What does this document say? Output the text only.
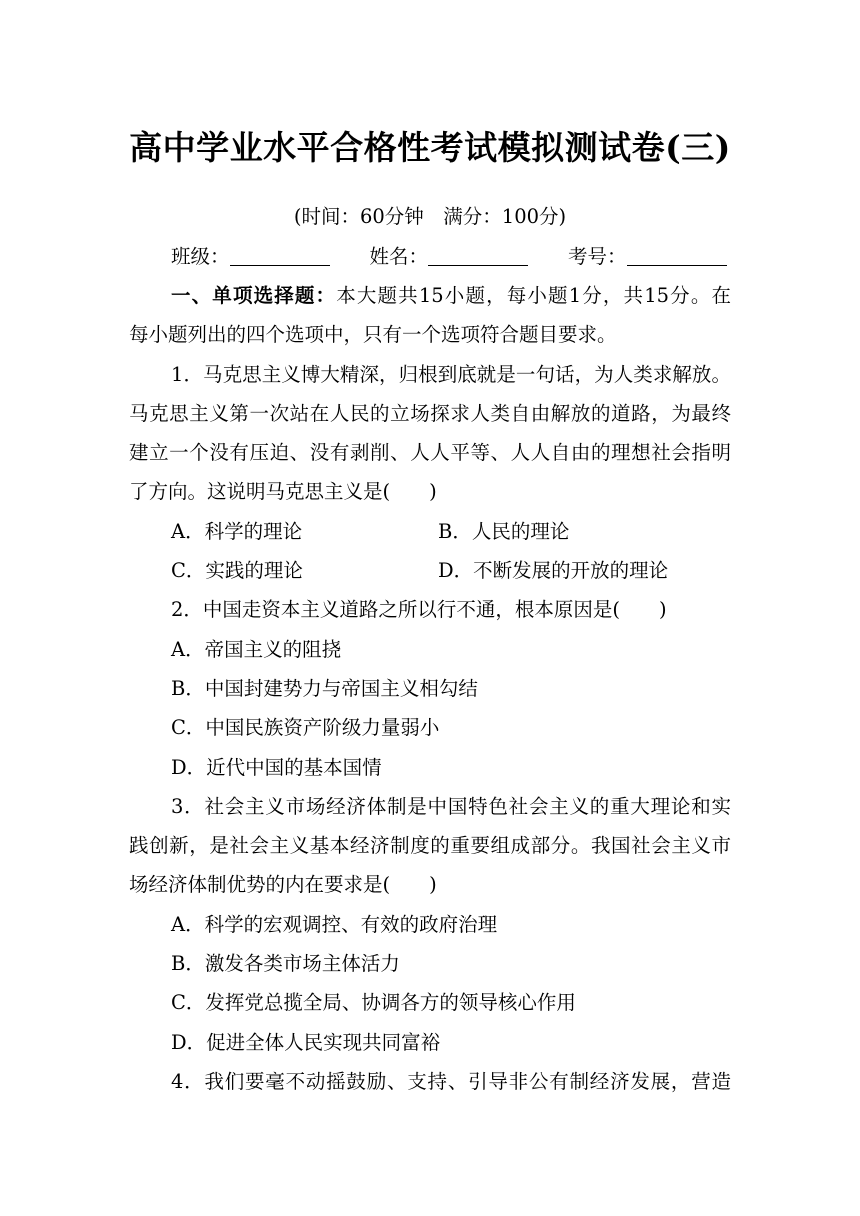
高中学业水平合格性考试模拟测试卷(三)
(时间：60分钟　满分：100分)
班级：	姓名：	考号：
一、单项选择题：本大题共15小题，每小题1分，共15分。在
每小题列出的四个选项中，只有一个选项符合题目要求。
1．马克思主义博大精深，归根到底就是一句话，为人类求解放。
马克思主义第一次站在人民的立场探求人类自由解放的道路，为最终
建立一个没有压迫、没有剥削、人人平等、人人自由的理想社会指明
了方向。这说明马克思主义是(　　)
A．科学的理论	B．人民的理论
C．实践的理论	D．不断发展的开放的理论
2．中国走资本主义道路之所以行不通，根本原因是(　　)
A．帝国主义的阻挠
B．中国封建势力与帝国主义相勾结
C．中国民族资产阶级力量弱小
D．近代中国的基本国情
3．社会主义市场经济体制是中国特色社会主义的重大理论和实
践创新，是社会主义基本经济制度的重要组成部分。我国社会主义市
场经济体制优势的内在要求是(　　)
A．科学的宏观调控、有效的政府治理
B．激发各类市场主体活力
C．发挥党总揽全局、协调各方的领导核心作用
D．促进全体人民实现共同富裕
4．我们要毫不动摇鼓励、支持、引导非公有制经济发展，营造
